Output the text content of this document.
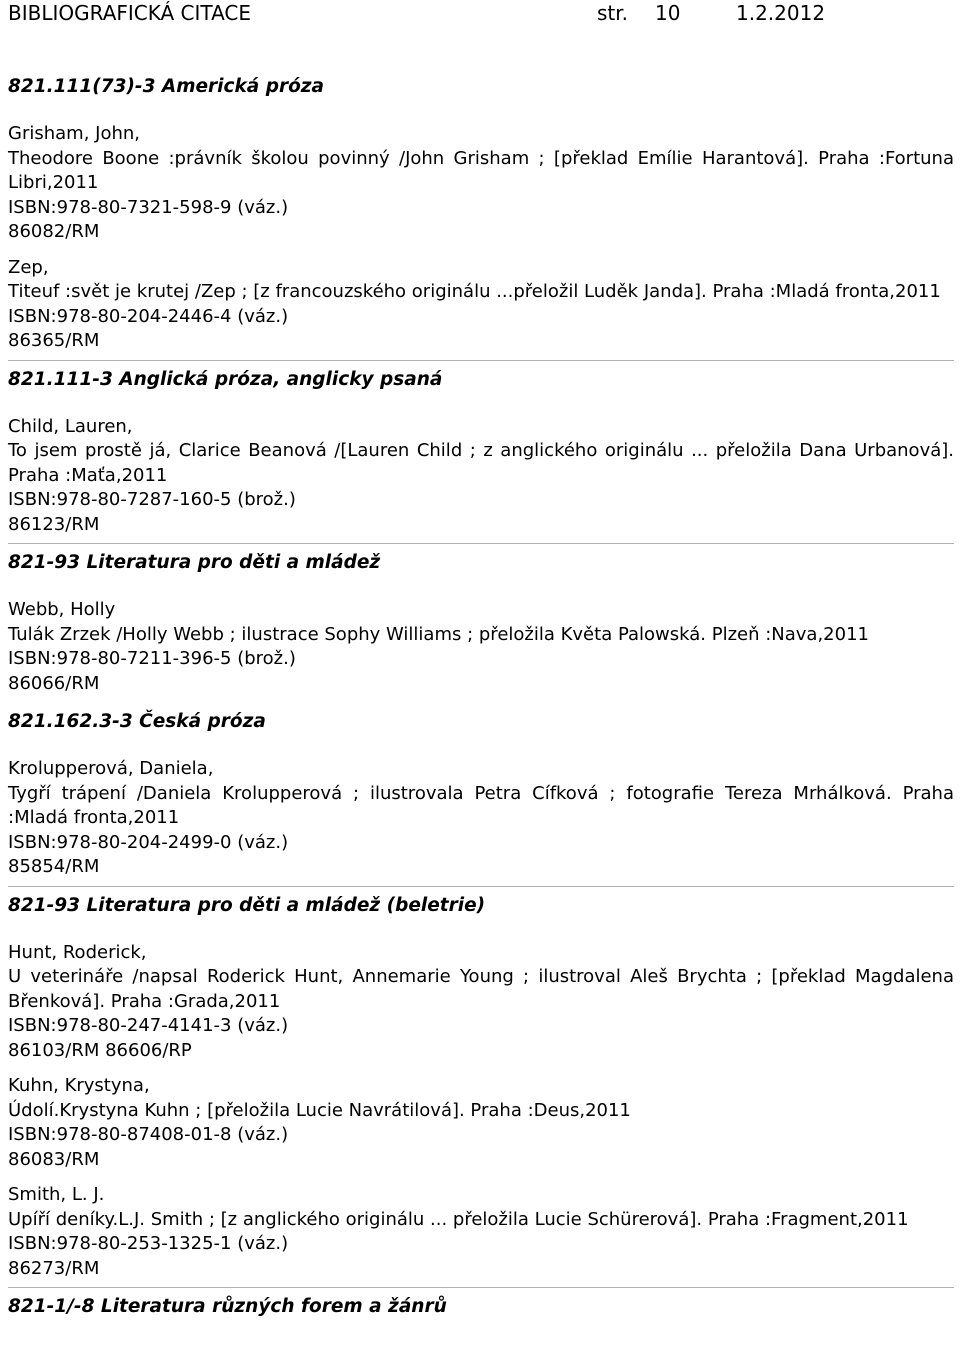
BIBLIOGRAFICKÁ CITACE	str. 10	1.2.2012
821.111(73)-3 Americká próza
Grisham, John,
Theodore Boone :právník školou povinný /John Grisham ; [překlad Emílie Harantová]. Praha :Fortuna Libri,2011
ISBN:978-80-7321-598-9 (váz.)
86082/RM
Zep,
Titeuf :svět je krutej /Zep ; [z francouzského originálu ...přeložil Luděk Janda]. Praha :Mladá fronta,2011
ISBN:978-80-204-2446-4 (váz.)
86365/RM
821.111-3 Anglická próza, anglicky psaná
Child, Lauren,
To jsem prostě já, Clarice Beanová /[Lauren Child ; z anglického originálu ... přeložila Dana Urbanová]. Praha :Maťa,2011
ISBN:978-80-7287-160-5 (brož.)
86123/RM
821-93 Literatura pro děti a mládež
Webb, Holly
Tulák Zrzek /Holly Webb ; ilustrace Sophy Williams ; přeložila Květa Palowská. Plzeň :Nava,2011
ISBN:978-80-7211-396-5 (brož.)
86066/RM
821.162.3-3 Česká próza
Krolupperová, Daniela,
Tygří trápení /Daniela Krolupperová ; ilustrovala Petra Cífková ; fotografie Tereza Mrhálková. Praha :Mladá fronta,2011
ISBN:978-80-204-2499-0 (váz.)
85854/RM
821-93 Literatura pro děti a mládež (beletrie)
Hunt, Roderick,
U veterináře /napsal Roderick Hunt, Annemarie Young ; ilustroval Aleš Brychta ; [překlad Magdalena Břenková]. Praha :Grada,2011
ISBN:978-80-247-4141-3 (váz.)
86103/RM 86606/RP
Kuhn, Krystyna,
Údolí.Krystyna Kuhn ; [přeložila Lucie Navrátilová]. Praha :Deus,2011
ISBN:978-80-87408-01-8 (váz.)
86083/RM
Smith, L. J.
Upíří deníky.L.J. Smith ; [z anglického originálu ... přeložila Lucie Schürerová]. Praha :Fragment,2011
ISBN:978-80-253-1325-1 (váz.)
86273/RM
821-1/-8 Literatura různých forem a žánrů
